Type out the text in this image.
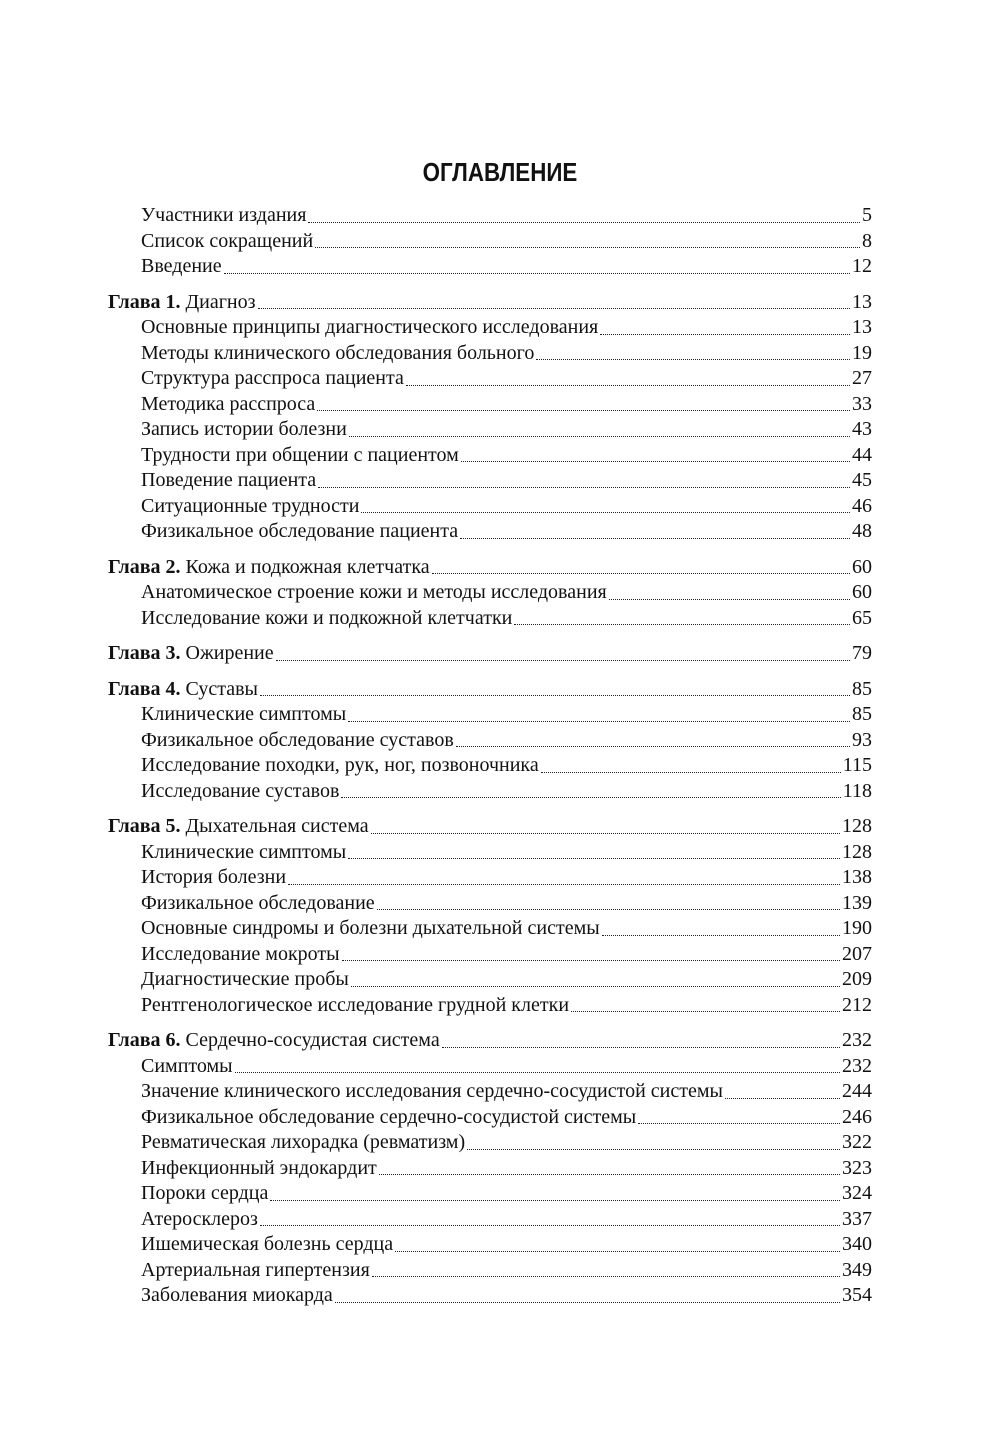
ОГЛАВЛЕНИЕ
Участники издания	5
Список сокращений	8
Введение	12
Глава 1. Диагноз	13
Основные принципы диагностического исследования	13
Методы клинического обследования больного	19
Структура расспроса пациента	27
Методика расспроса	33
Запись истории болезни	43
Трудности при общении с пациентом	44
Поведение пациента	45
Ситуационные трудности	46
Физикальное обследование пациента	48
Глава 2. Кожа и подкожная клетчатка	60
Анатомическое строение кожи и методы исследования	60
Исследование кожи и подкожной клетчатки	65
Глава 3. Ожирение	79
Глава 4. Суставы	85
Клинические симптомы	85
Физикальное обследование суставов	93
Исследование походки, рук, ног, позвоночника	115
Исследование суставов	118
Глава 5. Дыхательная система	128
Клинические симптомы	128
История болезни	138
Физикальное обследование	139
Основные синдромы и болезни дыхательной системы	190
Исследование мокроты	207
Диагностические пробы	209
Рентгенологическое исследование грудной клетки	212
Глава 6. Сердечно-сосудистая система	232
Симптомы	232
Значение клинического исследования сердечно-сосудистой системы	244
Физикальное обследование сердечно-сосудистой системы	246
Ревматическая лихорадка (ревматизм)	322
Инфекционный эндокардит	323
Пороки сердца	324
Атеросклероз	337
Ишемическая болезнь сердца	340
Артериальная гипертензия	349
Заболевания миокарда	354
